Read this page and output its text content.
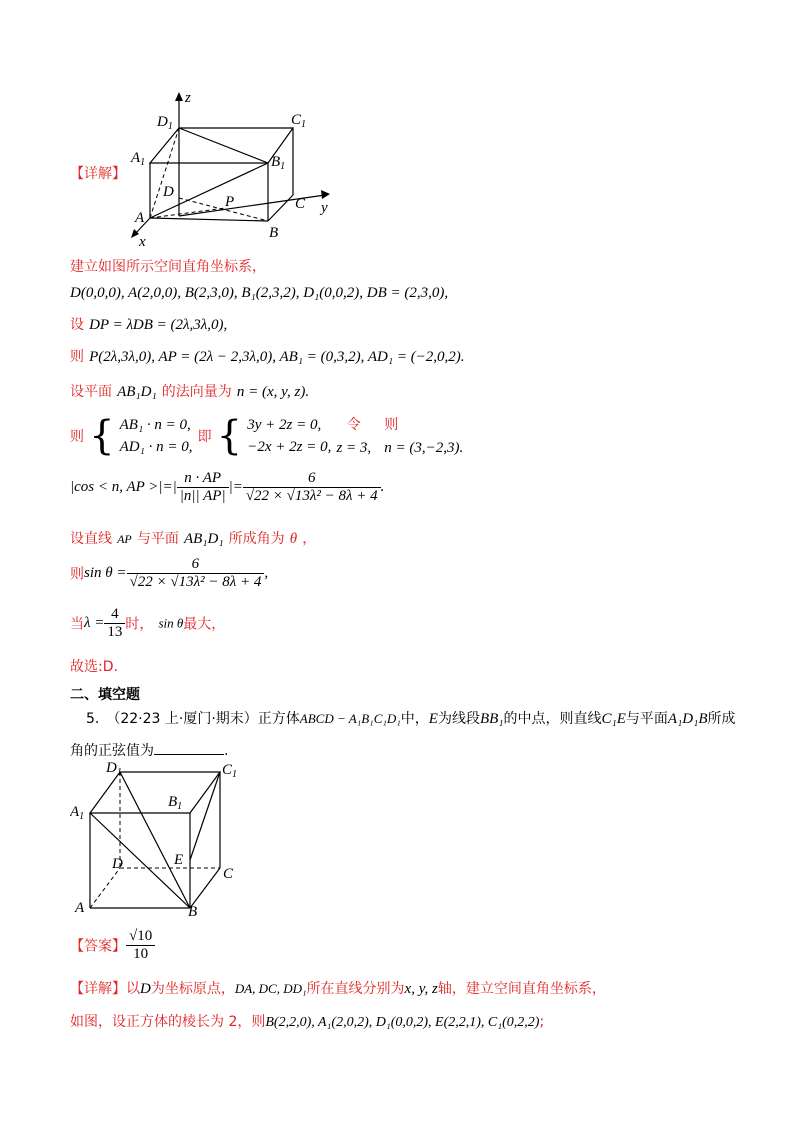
z
$D_1$	$C_1$
$A_1$	$B_1$
D
P	C y
A
B
x
【详解】
建立如图所示空间直角坐标系，
D(0,0,0), A(2,0,0), B(2,3,0), B₁(2,3,2), D₁(0,0,2), DB = (2,3,0),
设 DP = λDB = (2λ,3λ,0),
则 P(2λ,3λ,0), AP = (2λ − 2,3λ,0), AB₁ = (0,3,2), AD₁ = (−2,0,2).
设平面 AB₁D₁ 的法向量为 n = (x, y, z).
则 { AB₁ · n = 0,
AD₁ · n = 0, 即 { 3y + 2z = 0,
−2x + 2z = 0, 令
z = 3, 则
n = (3,−2,3).
|cos < n, AP >|=| $\frac{n \cdot AP}{|n|| AP|}$ |= $\frac{6}{\text{√22 × √13λ² − 8λ + 4}}$ .
设直线 AP 与平面 AB₁D₁ 所成角为 θ ，
则$\sin \theta = \frac{6}{\text{√22 × √13λ² − 8λ + 4}}$ ,
当$\lambda = \frac{4}{13}$ 时， sin θ最大，
故选:D.
二、填空题
5.　（22·23 上·厦门·期末）正方体ABCD − A₁B₁C₁D₁中，E为线段BB₁的中点，则直线C₁E与平面A₁D₁B所成
角的正弦值为	.
$D_1$	$C_1$
$A_1$
$B_1$
D	E
C
A	B
【答案】 $\frac{√10}{10}$
【详解】以D为坐标原点，DA, DC, DD₁所在直线分别为x, y, z轴，建立空间直角坐标系，
如图，设正方体的棱长为 2，则B(2,2,0), A₁(2,0,2), D₁(0,0,2), E(2,2,1), C₁(0,2,2);
